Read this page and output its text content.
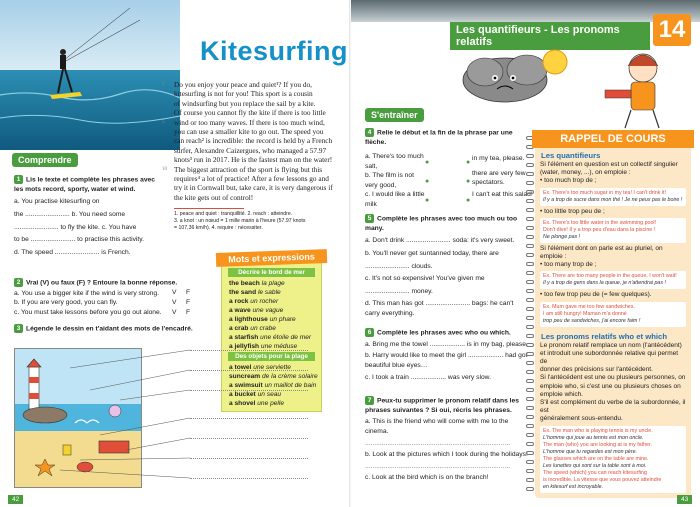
Kitesurfing
1
5
10
Do you enjoy your peace and quiet¹? If you do,
kitesurfing is not for you! This sport is a cousin
of windsurfing but you replace the sail by a kite.
Of course you cannot fly the kite if there is too little
wind or too many waves. If there is too much wind,
you can use a smaller kite to go out. The speed you
can reach² is incredible: the record is held by a French
surfer, Alexandre Caizergues, who managed a 57.97
knots³ run in 2017. He is the fastest man on the water!
The biggest attraction of the sport is flying but this
requires⁴ a lot of practice! After a few lessons go and
try it in Cornwall but, take care, it is very dangerous if
the kite gets out of control!
1. peace and quiet : tranquillité. 2. reach : atteindre.
3. a knot : un nœud = 1 mille marin à l'heure (57.97 knots
= 107,36 km/h). 4. require : nécessiter.
Comprendre
1 Lis le texte et complète les phrases avec les mots record, sporty, water et wind.
a. You practise kitesurfing on
the ........................ b. You need some
........................ to fly the kite. c. You have
to be ........................ to practise this activity.
d. The speed ........................ is French.
2 Vrai (V) ou faux (F) ? Entoure la bonne réponse.
a. You use a bigger kite if the wind is very strong.
b. If you are very good, you can fly.
c. You must take lessons before you go out alone.
V F
V F
V F
3 Légende le dessin en t'aidant des mots de l'encadré.
Mots et expressions
Décrire le bord de mer
the beach la plage
the sand le sable
a rock un rocher
a wave une vague
a lighthouse un phare
a crab un crabe
a starfish une étoile de mer
a jellyfish une méduse
Des objets pour la plage
a towel une serviette
suncream de la crème solaire
a swimsuit un maillot de bain
a bucket un seau
a shovel une pelle
42
Les quantifieurs - Les pronoms relatifs	14
S'entraîner
4 Relie le début et la fin de la phrase par une flèche.
a. There's too much salt,
b. The film is not very good,
c. I would like a little milk
●
●
●
●
●
●
in my tea, please.
there are very few spectators.
I can't eat this salad!
5 Complète les phrases avec too much ou too many.
a. Don't drink ........................ soda: it's very sweet.
b. You'll never get suntanned today, there are
........................ clouds.
c. It's not so expensive! You've given me
........................ money.
d. This man has got ........................ bags: he can't
carry everything.
6 Complète les phrases avec who ou which.
a. Bring me the towel ................... is in my bag, please.
b. Harry would like to meet the girl ................... had got
beautiful blue eyes…
c. I took a train ................... was very slow.
7 Peux-tu supprimer le pronom relatif dans les phrases suivantes ? Si oui, récris les phrases.
a. This is the friend who will come with me to the cinema.
..............................................................................
b. Look at the pictures which I took during the holidays!
..............................................................................
c. Look at the bird which is on the branch!
RAPPEL DE COURS
Les quantifieurs
Si l'élément en question est un collectif singulier (water, money, ...), on emploie :
• too much trop de ;
Ex. There's too much sugar in my tea! I can't drink it!
Il y a trop de sucre dans mon thé ! Je ne peux pas le boire !
• too little trop peu de ;
Ex. There's too little water in the swimming pool!
Don't dive! Il y a trop peu d'eau dans la piscine !
Ne plonge pas !
Si l'élément dont on parle est au pluriel, on emploie :
• too many trop de ;
Ex. There are too many people in the queue, I won't wait!
Il y a trop de gens dans la queue, je n'attendrai pas !
• too few trop peu de (= few quelques).
Ex. Mum gave me too few sandwiches.
I am still hungry! Maman m'a donné
trop peu de sandwiches, j'ai encore faim !
Les pronoms relatifs who et which
Le pronom relatif remplace un nom (l'antécédent)
et introduit une subordonnée relative qui permet de
donner des précisions sur l'antécédent.
Si l'antécédent est une ou plusieurs personnes, on
emploie who, si c'est une ou plusieurs choses on
emploie which.
S'il est complément du verbe de la subordonnée, il est
généralement sous-entendu.
Ex. The man who is playing tennis is my uncle.
L'homme qui joue au tennis est mon oncle.
The man (who) you are looking at is my father.
L'homme que tu regardes est mon père.
The glasses which are on the table are mine.
Les lunettes qui sont sur la table sont à moi.
The speed (which) you can reach kitesurfing
is incredible. La vitesse que vous pouvez atteindre
en kitesurf est incroyable.
43
